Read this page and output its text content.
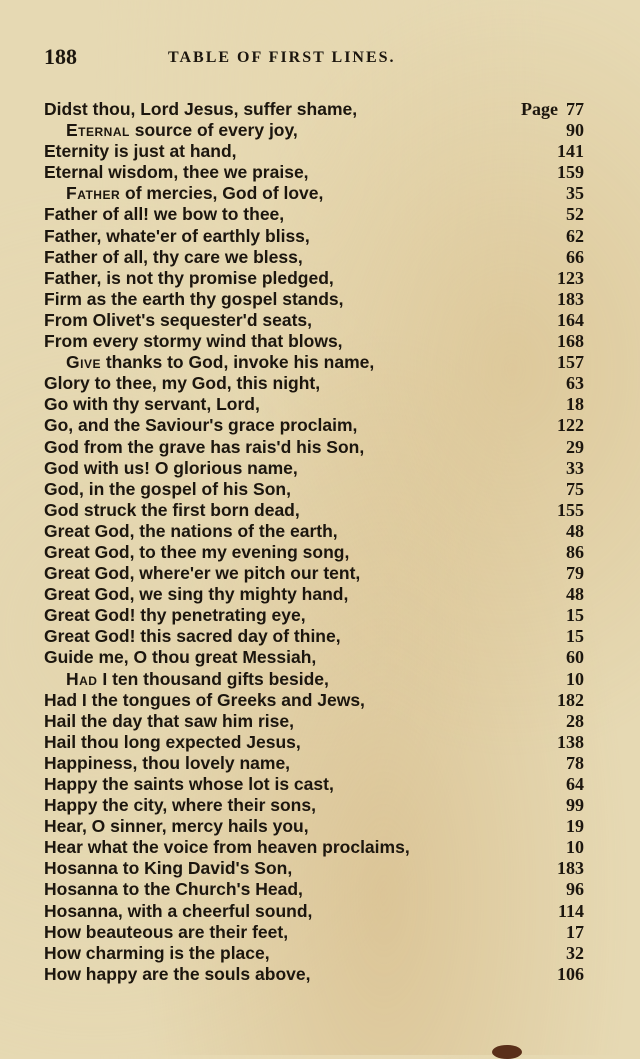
188	TABLE OF FIRST LINES.
Didst thou, Lord Jesus, suffer shame,	Page 77
Eternal source of every joy,	90
Eternity is just at hand,	141
Eternal wisdom, thee we praise,	159
Father of mercies, God of love,	35
Father of all! we bow to thee,	52
Father, whate'er of earthly bliss,	62
Father of all, thy care we bless,	66
Father, is not thy promise pledged,	123
Firm as the earth thy gospel stands,	183
From Olivet's sequester'd seats,	164
From every stormy wind that blows,	168
Give thanks to God, invoke his name,	157
Glory to thee, my God, this night,	63
Go with thy servant, Lord,	18
Go, and the Saviour's grace proclaim,	122
God from the grave has rais'd his Son,	29
God with us! O glorious name,	33
God, in the gospel of his Son,	75
God struck the first born dead,	155
Great God, the nations of the earth,	48
Great God, to thee my evening song,	86
Great God, where'er we pitch our tent,	79
Great God, we sing thy mighty hand,	48
Great God! thy penetrating eye,	15
Great God! this sacred day of thine,	15
Guide me, O thou great Messiah,	60
Had I ten thousand gifts beside,	10
Had I the tongues of Greeks and Jews,	182
Hail the day that saw him rise,	28
Hail thou long expected Jesus,	138
Happiness, thou lovely name,	78
Happy the saints whose lot is cast,	64
Happy the city, where their sons,	99
Hear, O sinner, mercy hails you,	19
Hear what the voice from heaven proclaims,	10
Hosanna to King David's Son,	183
Hosanna to the Church's Head,	96
Hosanna, with a cheerful sound,	114
How beauteous are their feet,	17
How charming is the place,	32
How happy are the souls above,	106
